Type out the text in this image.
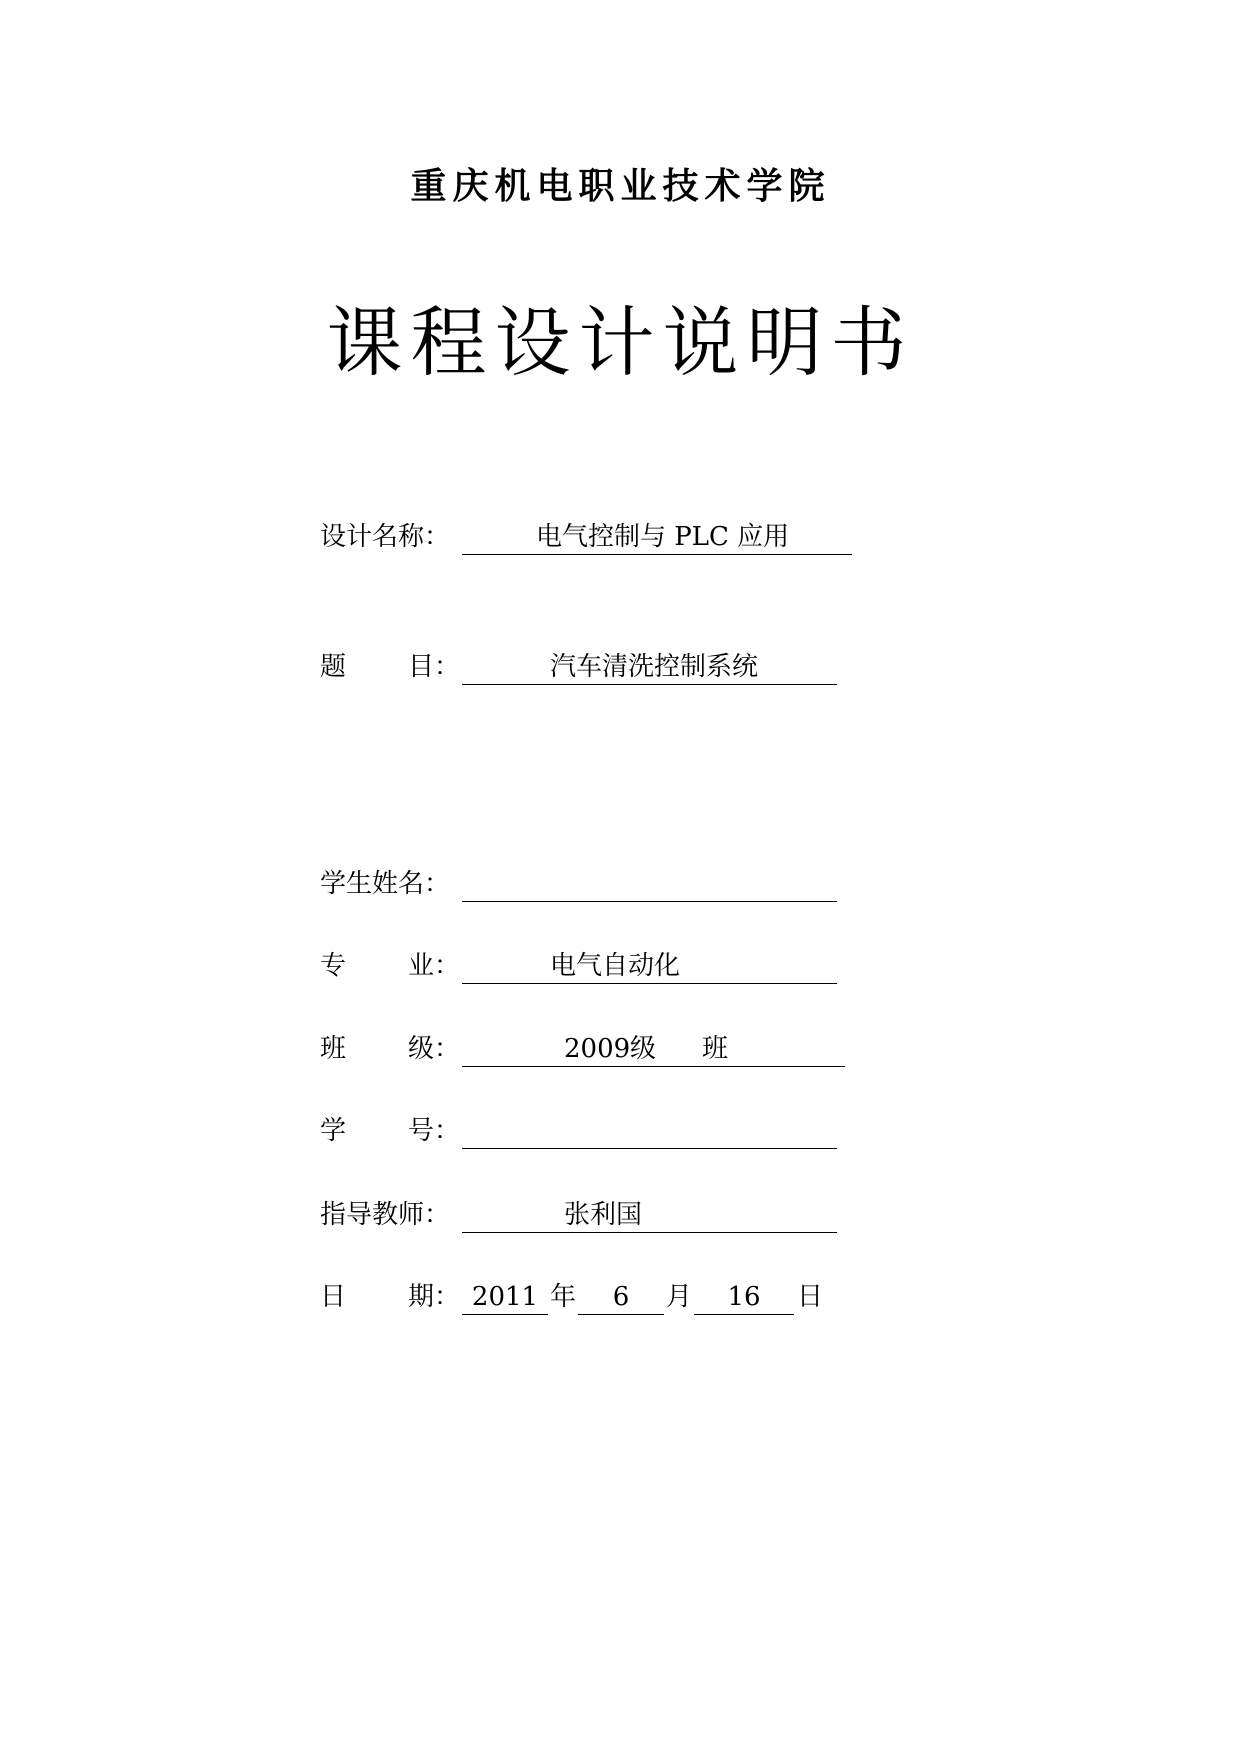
重庆机电职业技术学院
课程设计说明书
设计名称：	电气控制与 PLC 应用
题 目：	汽车清洗控制系统
学生姓名：
专 业：	电气自动化
班 级：	2009 级 班
学 号：
指导教师：	张利国
日 期： 2011 年	6	月	16	日
